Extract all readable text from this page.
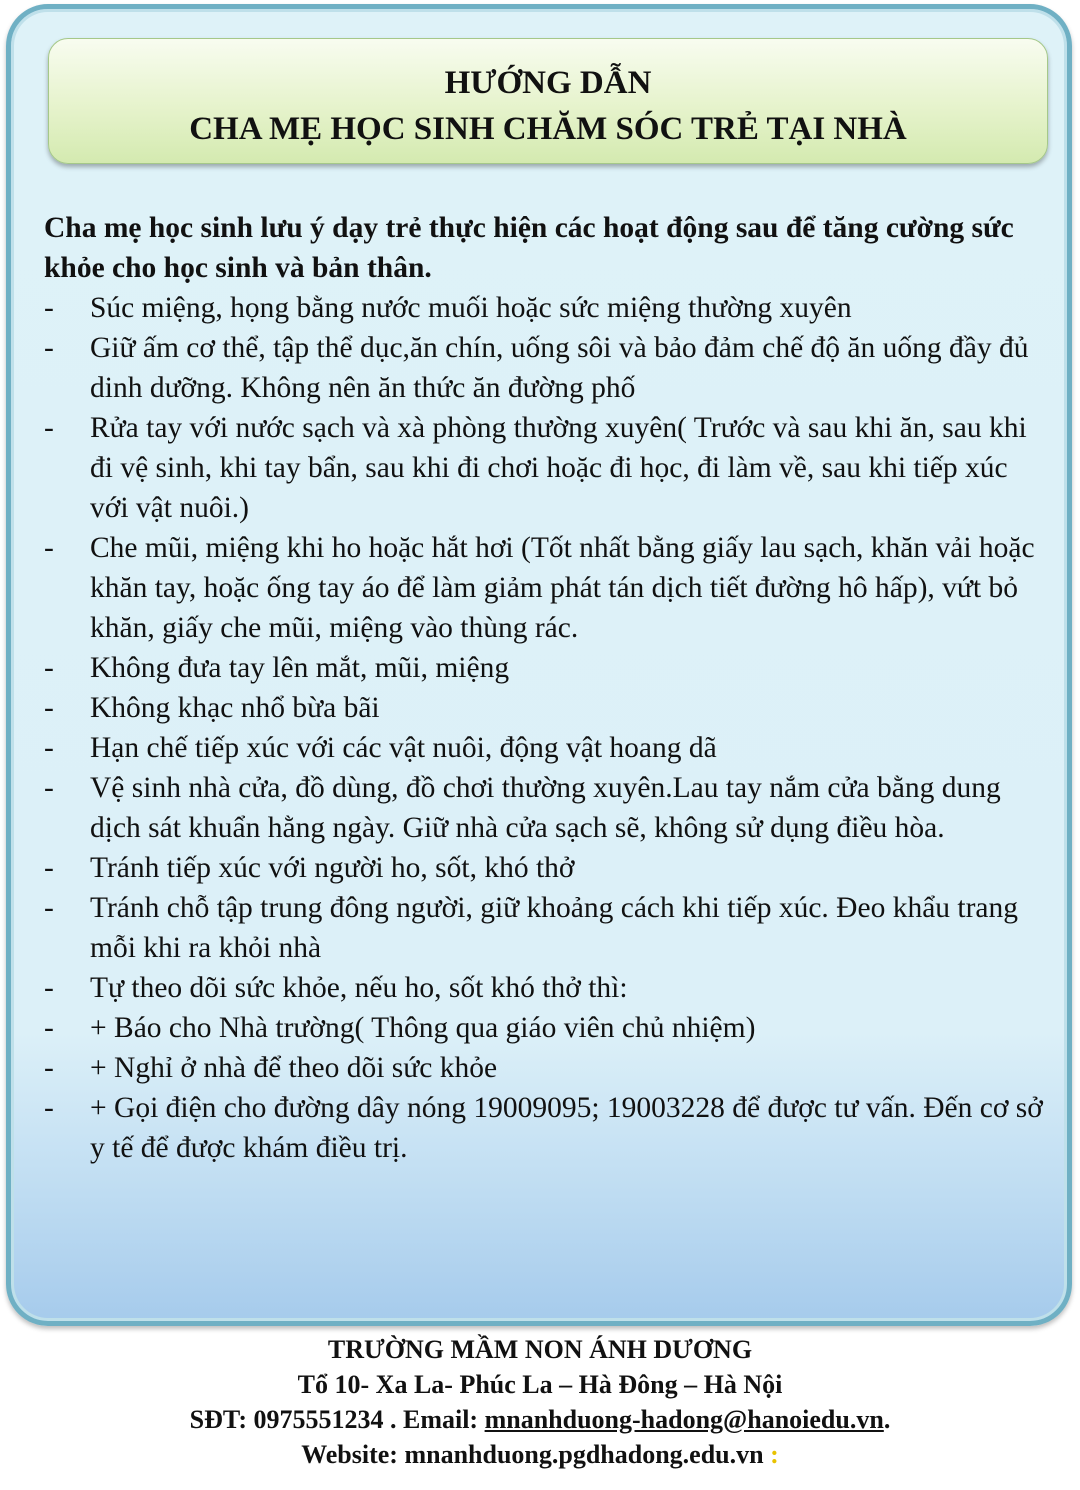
HƯỚNG DẪN
CHA MẸ HỌC SINH CHĂM SÓC TRẺ TẠI NHÀ
Cha mẹ học sinh lưu ý dạy trẻ thực hiện các hoạt động sau để tăng cường sức khỏe cho học sinh và bản thân.
- Súc miệng, họng bằng nước muối hoặc sức miệng thường xuyên
- Giữ ấm cơ thể, tập thể dục,ăn chín, uống sôi và bảo đảm chế độ ăn uống đầy đủ dinh dưỡng. Không nên ăn thức ăn đường phố
- Rửa tay với nước sạch và xà phòng thường xuyên( Trước và sau khi ăn, sau khi đi vệ sinh, khi tay bẩn, sau khi đi chơi hoặc đi học, đi làm về, sau khi tiếp xúc với vật nuôi.)
- Che mũi, miệng khi ho hoặc hắt hơi (Tốt nhất bằng giấy lau sạch, khăn vải hoặc khăn tay, hoặc ống tay áo để làm giảm phát tán dịch tiết đường hô hấp), vứt bỏ khăn, giấy che mũi, miệng vào thùng rác.
- Không đưa tay lên mắt, mũi, miệng
- Không khạc nhổ bừa bãi
- Hạn chế tiếp xúc với các vật nuôi, động vật hoang dã
- Vệ sinh nhà cửa, đồ dùng, đồ chơi thường xuyên.Lau tay nắm cửa bằng dung dịch sát khuẩn hằng ngày. Giữ nhà cửa sạch sẽ, không sử dụng điều hòa.
- Tránh tiếp xúc với người ho, sốt, khó thở
- Tránh chỗ tập trung đông người, giữ khoảng cách khi tiếp xúc. Đeo khẩu trang mỗi khi ra khỏi nhà
- Tự theo dõi sức khỏe, nếu ho, sốt khó thở thì:
- + Báo cho Nhà trường( Thông qua giáo viên chủ nhiệm)
- + Nghỉ ở nhà để theo dõi sức khỏe
- + Gọi điện cho đường dây nóng 19009095; 19003228 để được tư vấn. Đến cơ sở y tế để được khám điều trị.
TRƯỜNG MẦM NON ÁNH DƯƠNG
Tổ 10- Xa La- Phúc La – Hà Đông – Hà Nội
SĐT: 0975551234 . Email: mnanhduong-hadong@hanoiedu.vn.
Website: mnanhduong.pgdhadong.edu.vn :
